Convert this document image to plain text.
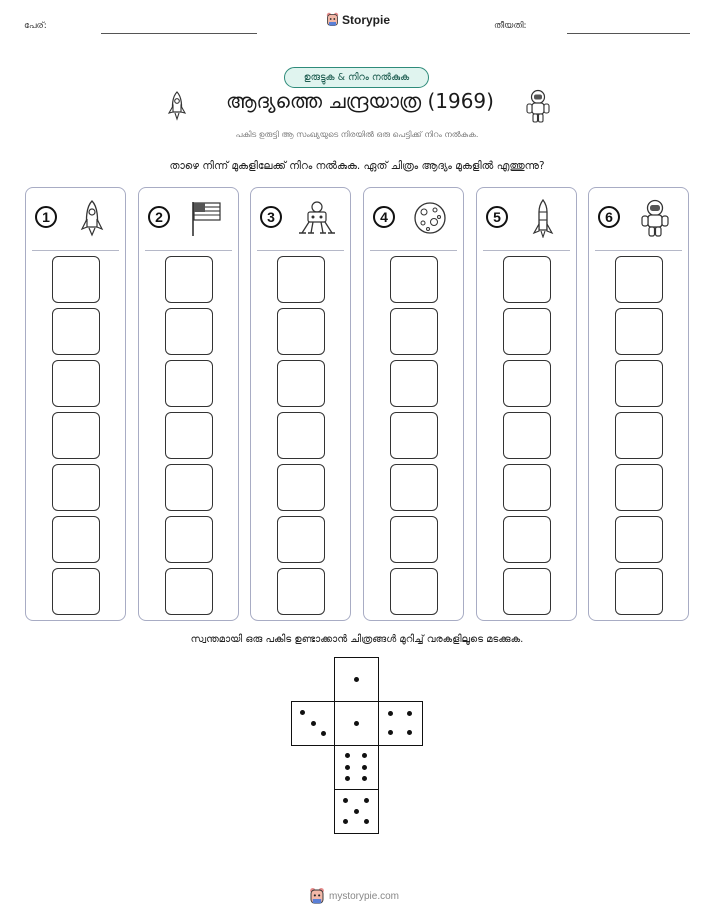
പേര്:	Storypie	തീയതി:
ഉരുട്ടുക & നിറം നൽകുക
ആദ്യത്തെ ചന്ദ്രയാത്ര (1969)
പകിട ഉരുട്ടി ആ സംഖ്യയുടെ നിരയിൽ ഒരു പെട്ടിക്ക് നിറം നൽകുക.
താഴെ നിന്ന് മുകളിലേക്ക് നിറം നൽകുക. ഏത് ചിത്രം ആദ്യം മുകളിൽ എത്തുന്നു?
1	2	3	4	5	6
സ്വന്തമായി ഒരു പകിട ഉണ്ടാക്കാൻ ചിത്രങ്ങൾ മുറിച്ച് വരകളിലൂടെ മടക്കുക.
mystorypie.com
